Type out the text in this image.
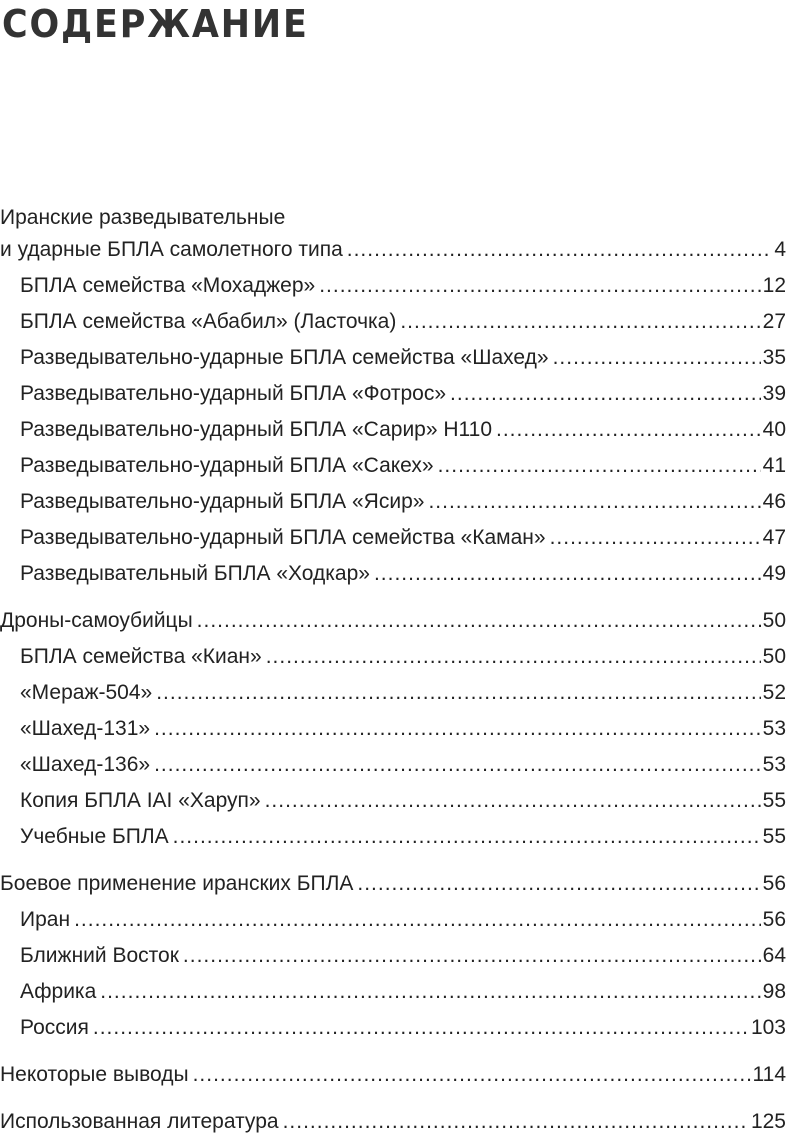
СОДЕРЖАНИЕ
Иранские разведывательные
и ударные БПЛА самолетного типа .....	4
БПЛА семейства «Мохаджер» .....	12
БПЛА семейства «Абабил» (Ласточка) .....	27
Разведывательно-ударные БПЛА семейства «Шахед» .....	35
Разведывательно-ударный БПЛА «Фотрос» .....	39
Разведывательно-ударный БПЛА «Сарир» H110 .....	40
Разведывательно-ударный БПЛА «Сакех» .....	41
Разведывательно-ударный БПЛА «Ясир» .....	46
Разведывательно-ударный БПЛА семейства «Каман» .....	47
Разведывательный БПЛА «Ходкар» .....	49
Дроны-самоубийцы .....	50
БПЛА семейства «Киан» .....	50
«Мераж-504» .....	52
«Шахед-131» .....	53
«Шахед-136» .....	53
Копия БПЛА IAI «Харуп» .....	55
Учебные БПЛА .....	55
Боевое применение иранских БПЛА .....	56
Иран .....	56
Ближний Восток .....	64
Африка .....	98
Россия .....	103
Некоторые выводы .....	114
Использованная литература .....	125
